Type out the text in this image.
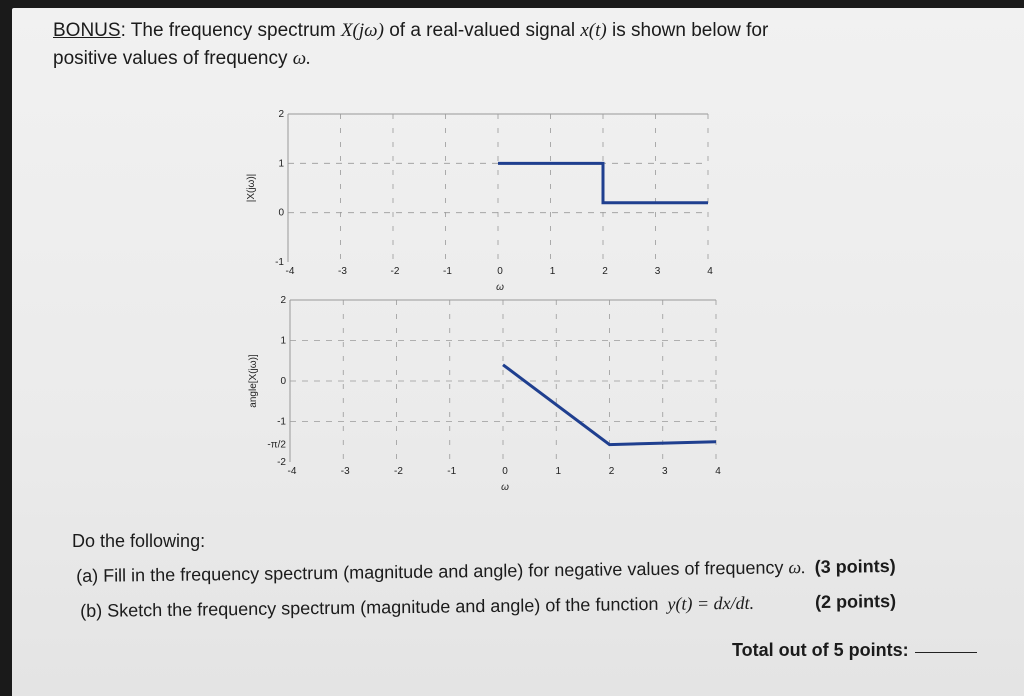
BONUS: The frequency spectrum X(jω) of a real-valued signal x(t) is shown below for
positive values of frequency ω.
-4	-3	-2	-1	0	1	2	3	4
2
1
0
-1
ω
|X(jω)|
-4	-3	-2	-1	0	1	2	3	4
2
1
0
-1
-π/2
-2
ω
angle[X(jω)]
Do the following:
(a) Fill in the frequency spectrum (magnitude and angle) for negative values of frequency ω. (3 points)
(b) Sketch the frequency spectrum (magnitude and angle) of the function y(t) = dx/dt.	(2 points)
Total out of 5 points:
